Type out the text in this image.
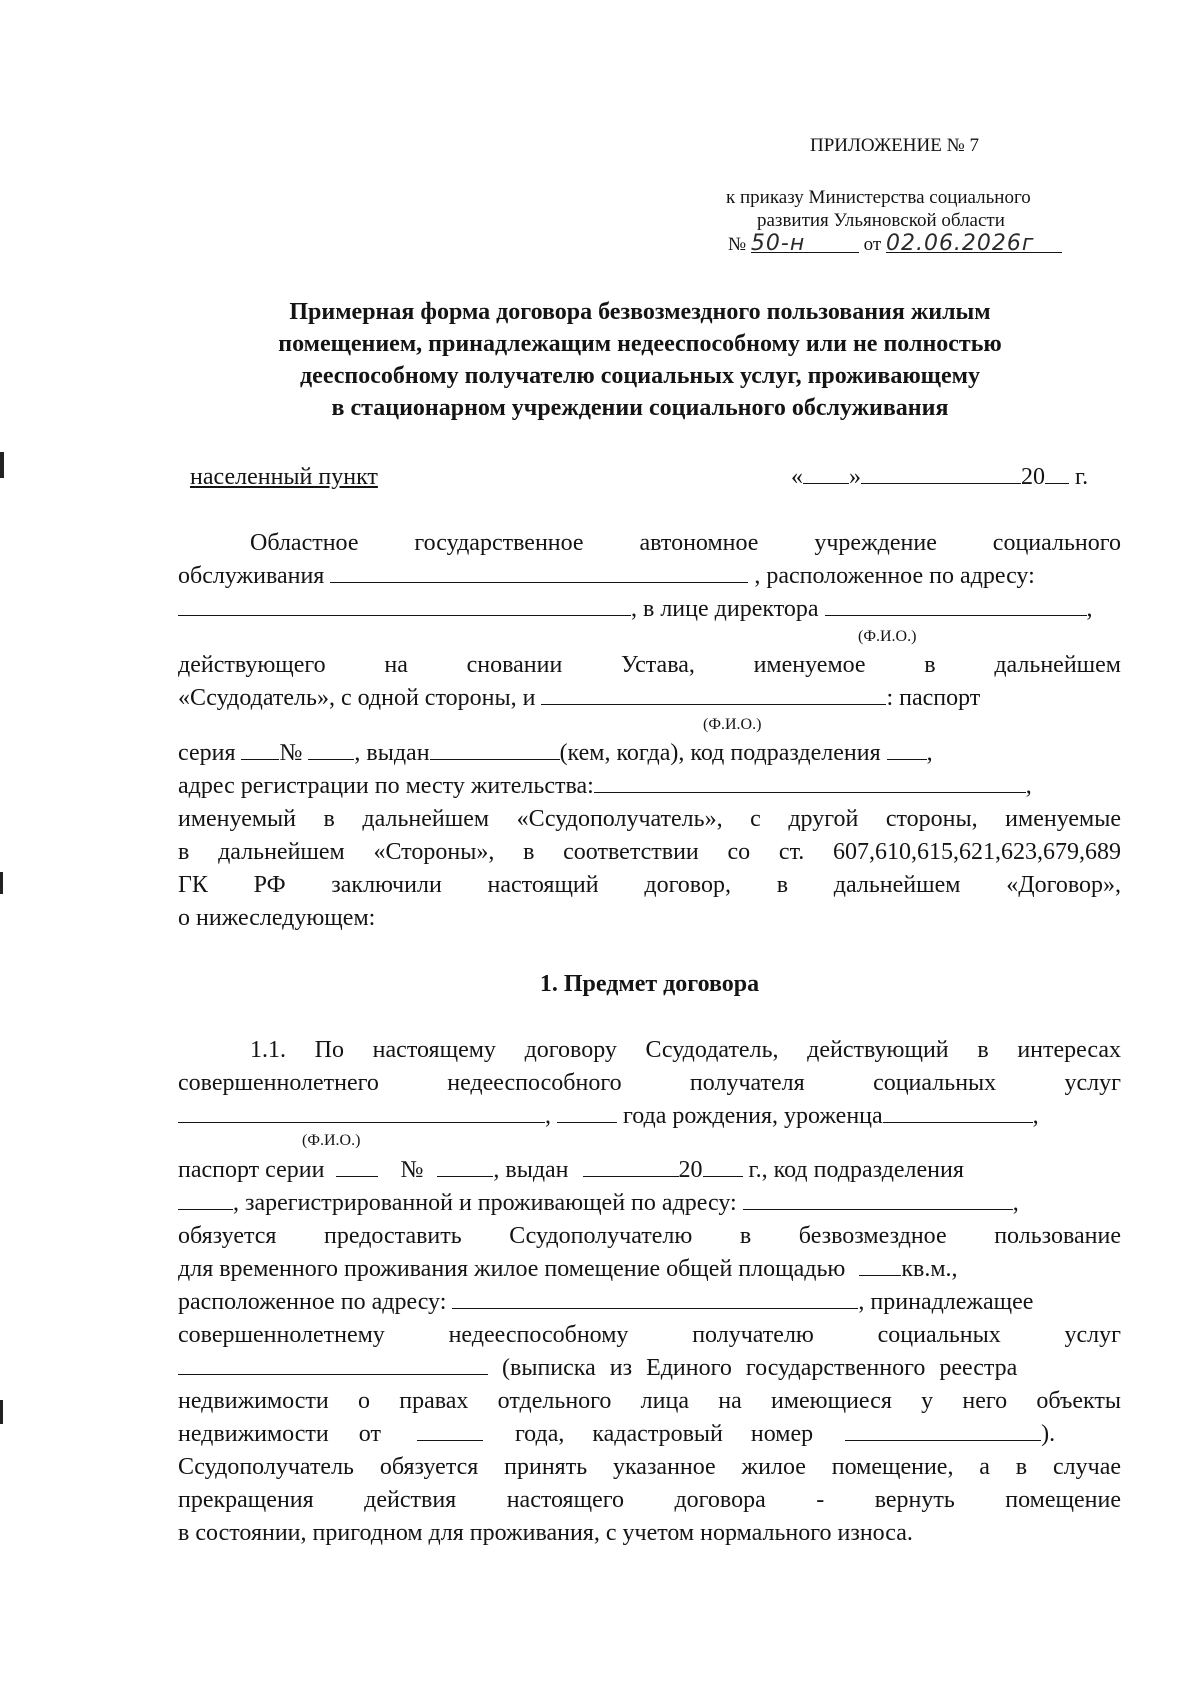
ПРИЛОЖЕНИЕ № 7
к приказу Министерства социального
развития Ульяновской области
№ 50-н	от 02.06.2026г
Примерная форма договора безвозмездного пользования жилым
помещением, принадлежащим недееспособному или не полностью
дееспособному получателю социальных услуг, проживающему
в стационарном учреждении социального обслуживания
населенный пункт	« »	20 г.
Областное государственное автономное учреждение социального
обслуживания	, расположенное по адресу:
, в лице директора	,
(Ф.И.О.)
действующего на сновании Устава, именуемое в дальнейшем
«Ссудодатель», с одной стороны, и	: паспорт
(Ф.И.О.)
серия № , выдан	(кем, когда), код подразделения ,
адрес регистрации по месту жительства:	,
именуемый в дальнейшем «Ссудополучатель», с другой стороны, именуемые
в дальнейшем «Стороны», в соответствии со ст. 607,610,615,621,623,679,689
ГК РФ заключили настоящий договор, в дальнейшем «Договор»,
о нижеследующем:
1. Предмет договора
1.1. По настоящему договору Ссудодатель, действующий в интересах
совершеннолетнего недееспособного получателя социальных услуг
,	года рождения, уроженца	,
(Ф.И.О.)
паспорт серии	№	, выдан	20 г., код подразделения
, зарегистрированной и проживающей по адресу:	,
обязуется предоставить Ссудополучателю в безвозмездное пользование
для временного проживания жилое помещение общей площадью кв.м.,
расположенное по адресу:	, принадлежащее
совершеннолетнему недееспособному получателю социальных услуг
(выписка из Единого государственного реестра
недвижимости о правах отдельного лица на имеющиеся у него объекты
недвижимости от	года, кадастровый номер	).
Ссудополучатель обязуется принять указанное жилое помещение, а в случае
прекращения действия настоящего договора - вернуть помещение
в состоянии, пригодном для проживания, с учетом нормального износа.
